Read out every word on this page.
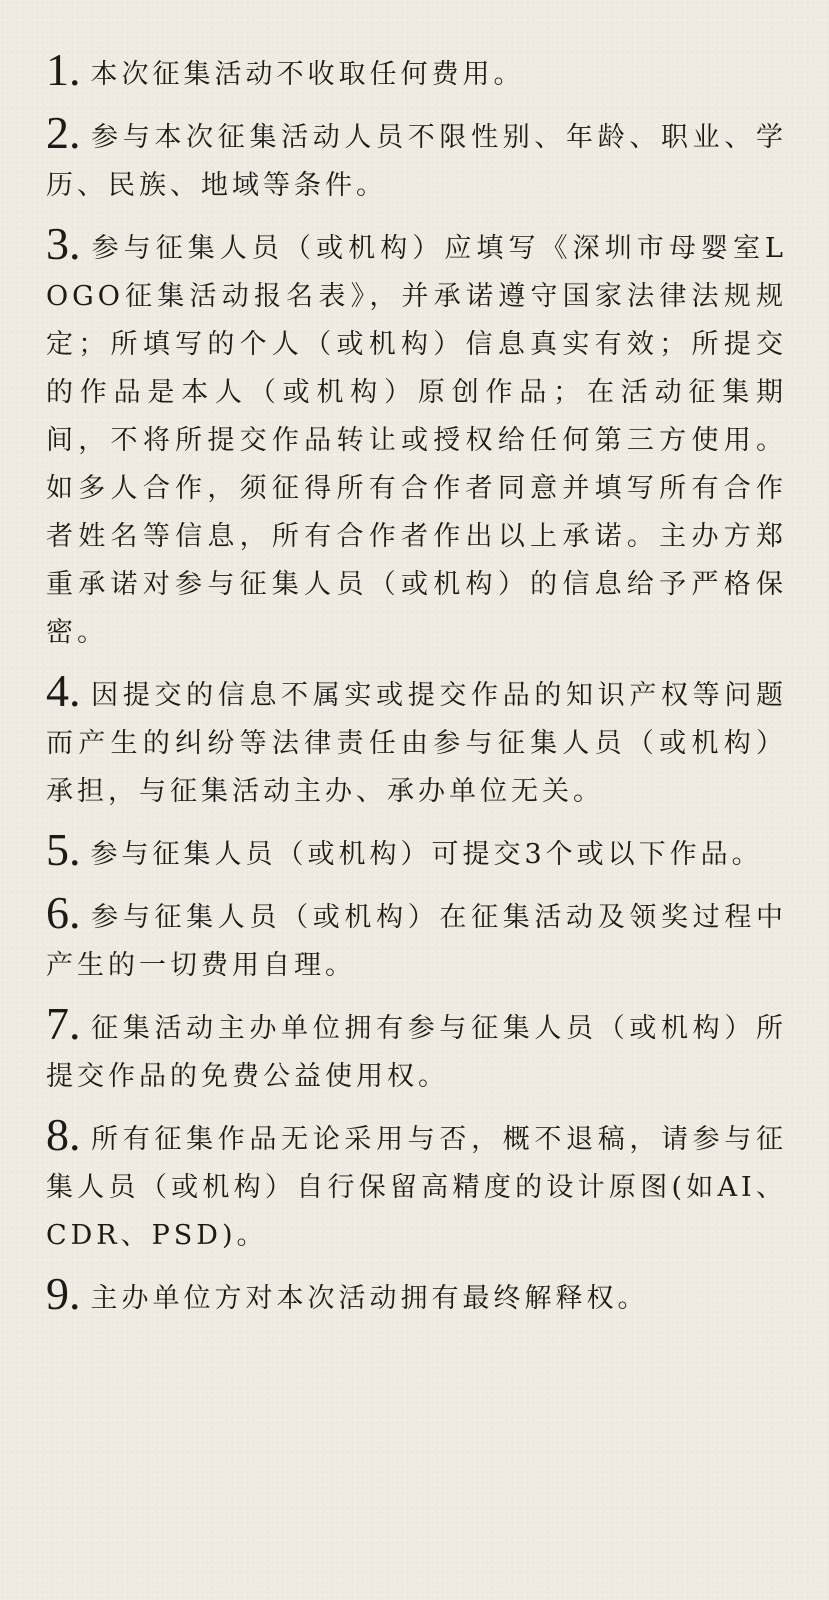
1. 本次征集活动不收取任何费用。
2. 参与本次征集活动人员不限性别、年龄、职业、学历、民族、地域等条件。
3. 参与征集人员（或机构）应填写《深圳市母婴室LOGO征集活动报名表》，并承诺遵守国家法律法规规定；所填写的个人（或机构）信息真实有效；所提交的作品是本人（或机构）原创作品；在活动征集期间，不将所提交作品转让或授权给任何第三方使用。如多人合作，须征得所有合作者同意并填写所有合作者姓名等信息，所有合作者作出以上承诺。主办方郑重承诺对参与征集人员（或机构）的信息给予严格保密。
4. 因提交的信息不属实或提交作品的知识产权等问题而产生的纠纷等法律责任由参与征集人员（或机构）承担，与征集活动主办、承办单位无关。
5. 参与征集人员（或机构）可提交3个或以下作品。
6. 参与征集人员（或机构）在征集活动及领奖过程中产生的一切费用自理。
7. 征集活动主办单位拥有参与征集人员（或机构）所提交作品的免费公益使用权。
8. 所有征集作品无论采用与否，概不退稿，请参与征集人员（或机构）自行保留高精度的设计原图(如AI、CDR、PSD)。
9. 主办单位方对本次活动拥有最终解释权。
